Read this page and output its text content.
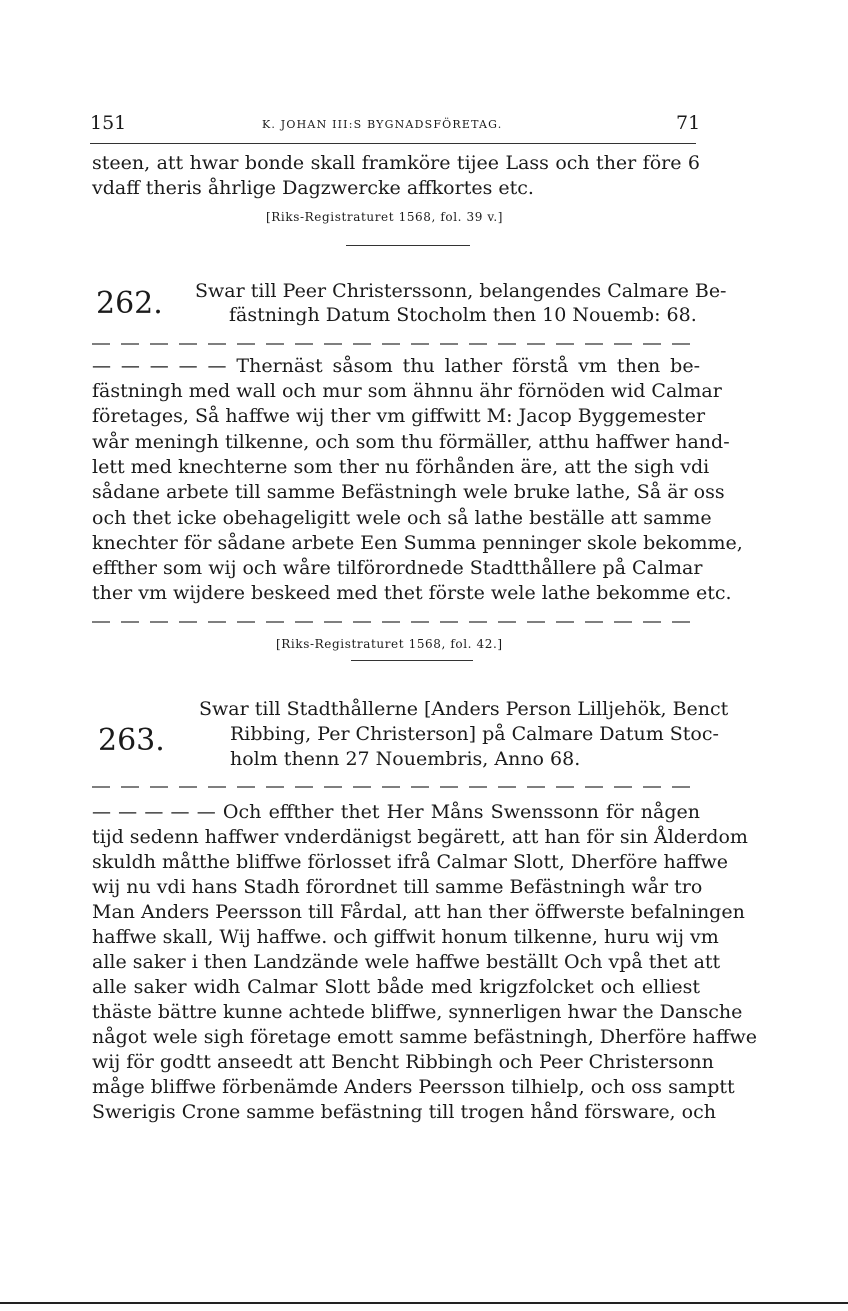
151	K. JOHAN III:S BYGNADSFÖRETAG.	71
steen, att hwar bonde skall framköre tijee Lass och ther före 6
vdaff theris åhrlige Dagzwercke affkortes etc.
[Riks-Registraturet 1568, fol. 39 v.]
262. Swar till Peer Christerssonn, belangendes Calmare Be-
fästningh Datum Stocholm then 10 Nouemb: 68.
— — — — — Thernäst såsom thu lather förstå vm then be-
fästningh med wall och mur som ähnnu ähr förnöden wid Calmar
företages, Så haffwe wij ther vm giffwitt M: Jacop Byggemester
wår meningh tilkenne, och som thu förmäller, atthu haffwer hand-
lett med knechterne som ther nu förhånden äre, att the sigh vdi
sådane arbete till samme Befästningh wele bruke lathe, Så är oss
och thet icke obehageligitt wele och så lathe beställe att samme
knechter för sådane arbete Een Summa penninger skole bekomme,
effther som wij och wåre tilförordnede Stadtthållere på Calmar
ther vm wijdere beskeed med thet förste wele lathe bekomme etc.
[Riks-Registraturet 1568, fol. 42.]
263.
Swar till Stadthållerne [Anders Person Lilljehök, Benct
Ribbing, Per Christerson] på Calmare Datum Stoc-
holm thenn 27 Nouembris, Anno 68.
— — — — — Och effther thet Her Måns Swenssonn för någen
tijd sedenn haffwer vnderdänigst begärett, att han för sin Ålderdom
skuldh måtthe bliffwe förlosset ifrå Calmar Slott, Dherföre haffwe
wij nu vdi hans Stadh förordnet till samme Befästningh wår tro
Man Anders Peersson till Fårdal, att han ther öffwerste befalningen
haffwe skall, Wij haffwe. och giffwit honum tilkenne, huru wij vm
alle saker i then Landzände wele haffwe beställt Och vpå thet att
alle saker widh Calmar Slott både med krigzfolcket och elliest
thäste bättre kunne achtede bliffwe, synnerligen hwar the Dansche
något wele sigh företage emott samme befästningh, Dherföre haffwe
wij för godtt anseedt att Bencht Ribbingh och Peer Christersonn
måge bliffwe förbenämde Anders Peersson tilhielp, och oss samptt
Swerigis Crone samme befästning till trogen hånd försware, och
